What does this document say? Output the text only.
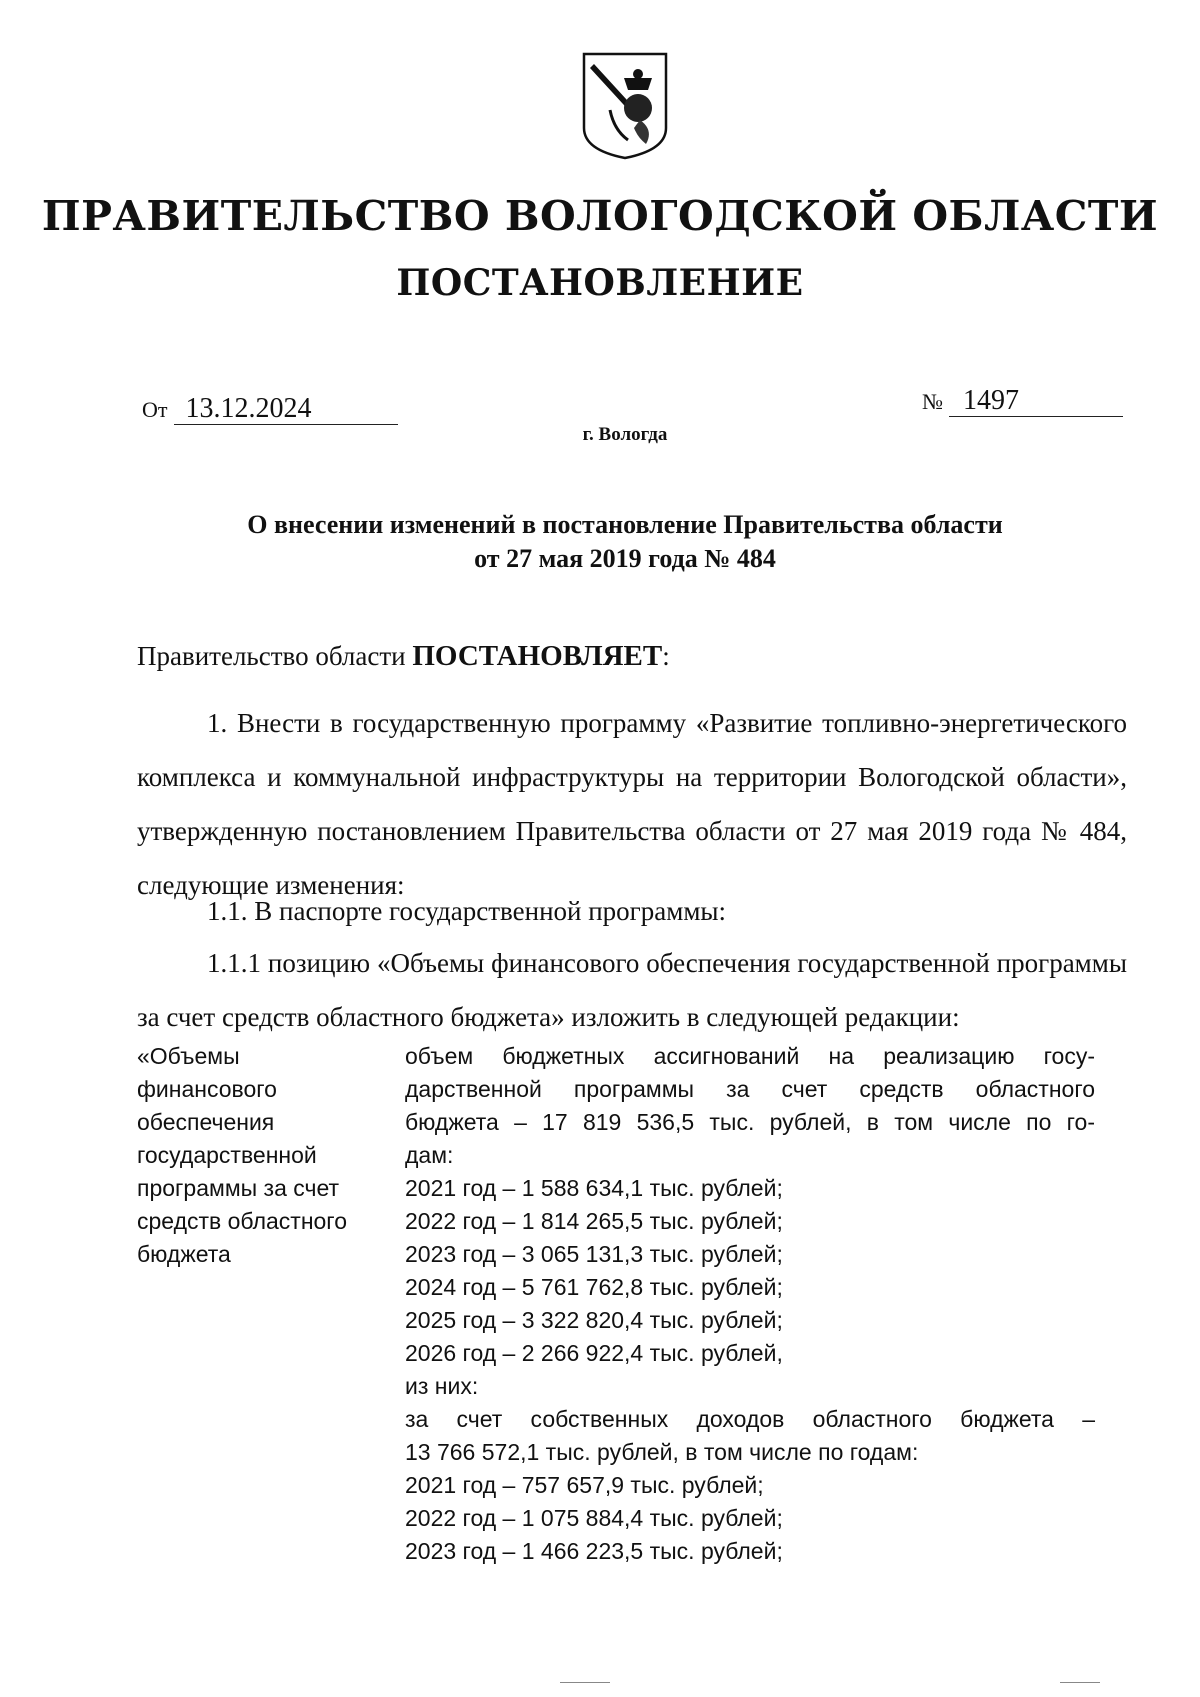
ПРАВИТЕЛЬСТВО ВОЛОГОДСКОЙ ОБЛАСТИ
ПОСТАНОВЛЕНИЕ
От 13.12.2024	№ 1497
г. Вологда
О внесении изменений в постановление Правительства области
от 27 мая 2019 года № 484
Правительство области ПОСТАНОВЛЯЕТ:
1. Внести в государственную программу «Развитие топливно-энергетического комплекса и коммунальной инфраструктуры на территории Вологодской области», утвержденную постановлением Правительства области от 27 мая 2019 года № 484, следующие изменения:
1.1. В паспорте государственной программы:
1.1.1 позицию «Объемы финансового обеспечения государственной программы за счет средств областного бюджета» изложить в следующей редакции:
«Объемы
финансового
обеспечения
государственной
программы за счет
средств областного
бюджета
объем бюджетных ассигнований на реализацию госу-
дарственной программы за счет средств областного
бюджета – 17 819 536,5 тыс. рублей, в том числе по го-
дам:
2021 год – 1 588 634,1 тыс. рублей;
2022 год – 1 814 265,5 тыс. рублей;
2023 год – 3 065 131,3 тыс. рублей;
2024 год – 5 761 762,8 тыс. рублей;
2025 год – 3 322 820,4 тыс. рублей;
2026 год – 2 266 922,4 тыс. рублей,
из них:
за счет собственных доходов областного бюджета –
13 766 572,1 тыс. рублей, в том числе по годам:
2021 год – 757 657,9 тыс. рублей;
2022 год – 1 075 884,4 тыс. рублей;
2023 год – 1 466 223,5 тыс. рублей;
